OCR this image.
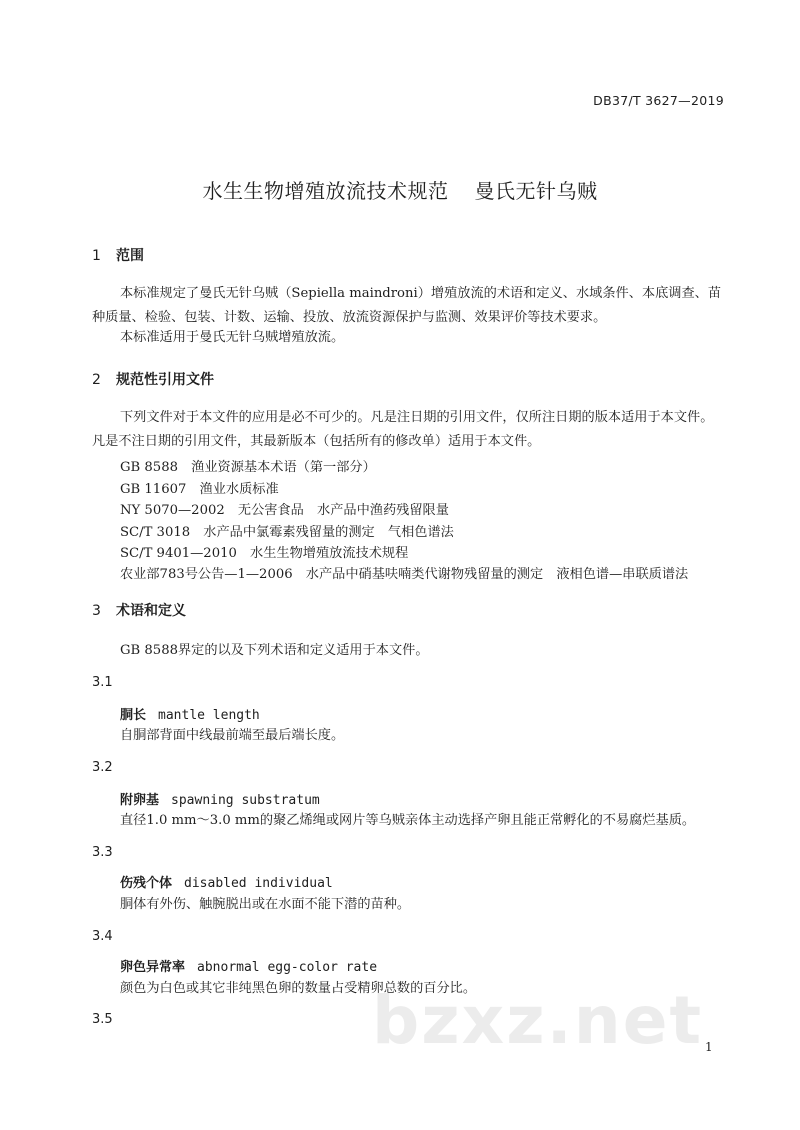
DB37/T 3627—2019
水生生物增殖放流技术规范 曼氏无针乌贼
1 范围

本标准规定了曼氏无针乌贼（Sepiella maindroni）增殖放流的术语和定义、水域条件、本底调查、苗种质量、检验、包装、计数、运输、投放、放流资源保护与监测、效果评价等技术要求。

本标准适用于曼氏无针乌贼增殖放流。

2 规范性引用文件

下列文件对于本文件的应用是必不可少的。凡是注日期的引用文件，仅所注日期的版本适用于本文件。凡是不注日期的引用文件，其最新版本（包括所有的修改单）适用于本文件。

GB 8588　渔业资源基本术语（第一部分）
GB 11607　渔业水质标准
NY 5070—2002　无公害食品　水产品中渔药残留限量
SC/T 3018　水产品中氯霉素残留量的测定　气相色谱法
SC/T 9401—2010　水生生物增殖放流技术规程
农业部783号公告—1—2006　水产品中硝基呋喃类代谢物残留量的测定　液相色谱—串联质谱法
3 术语和定义
GB 8588界定的以及下列术语和定义适用于本文件。
3.1
胴长 mantle length
自胴部背面中线最前端至最后端长度。
3.2
附卵基 spawning substratum
直径1.0 mm～3.0 mm的聚乙烯绳或网片等乌贼亲体主动选择产卵且能正常孵化的不易腐烂基质。
3.3
伤残个体 disabled individual
胴体有外伤、触腕脱出或在水面不能下潜的苗种。
3.4
卵色异常率 abnormal egg-color rate
颜色为白色或其它非纯黑色卵的数量占受精卵总数的百分比。
3.5	bzxz.net 1
